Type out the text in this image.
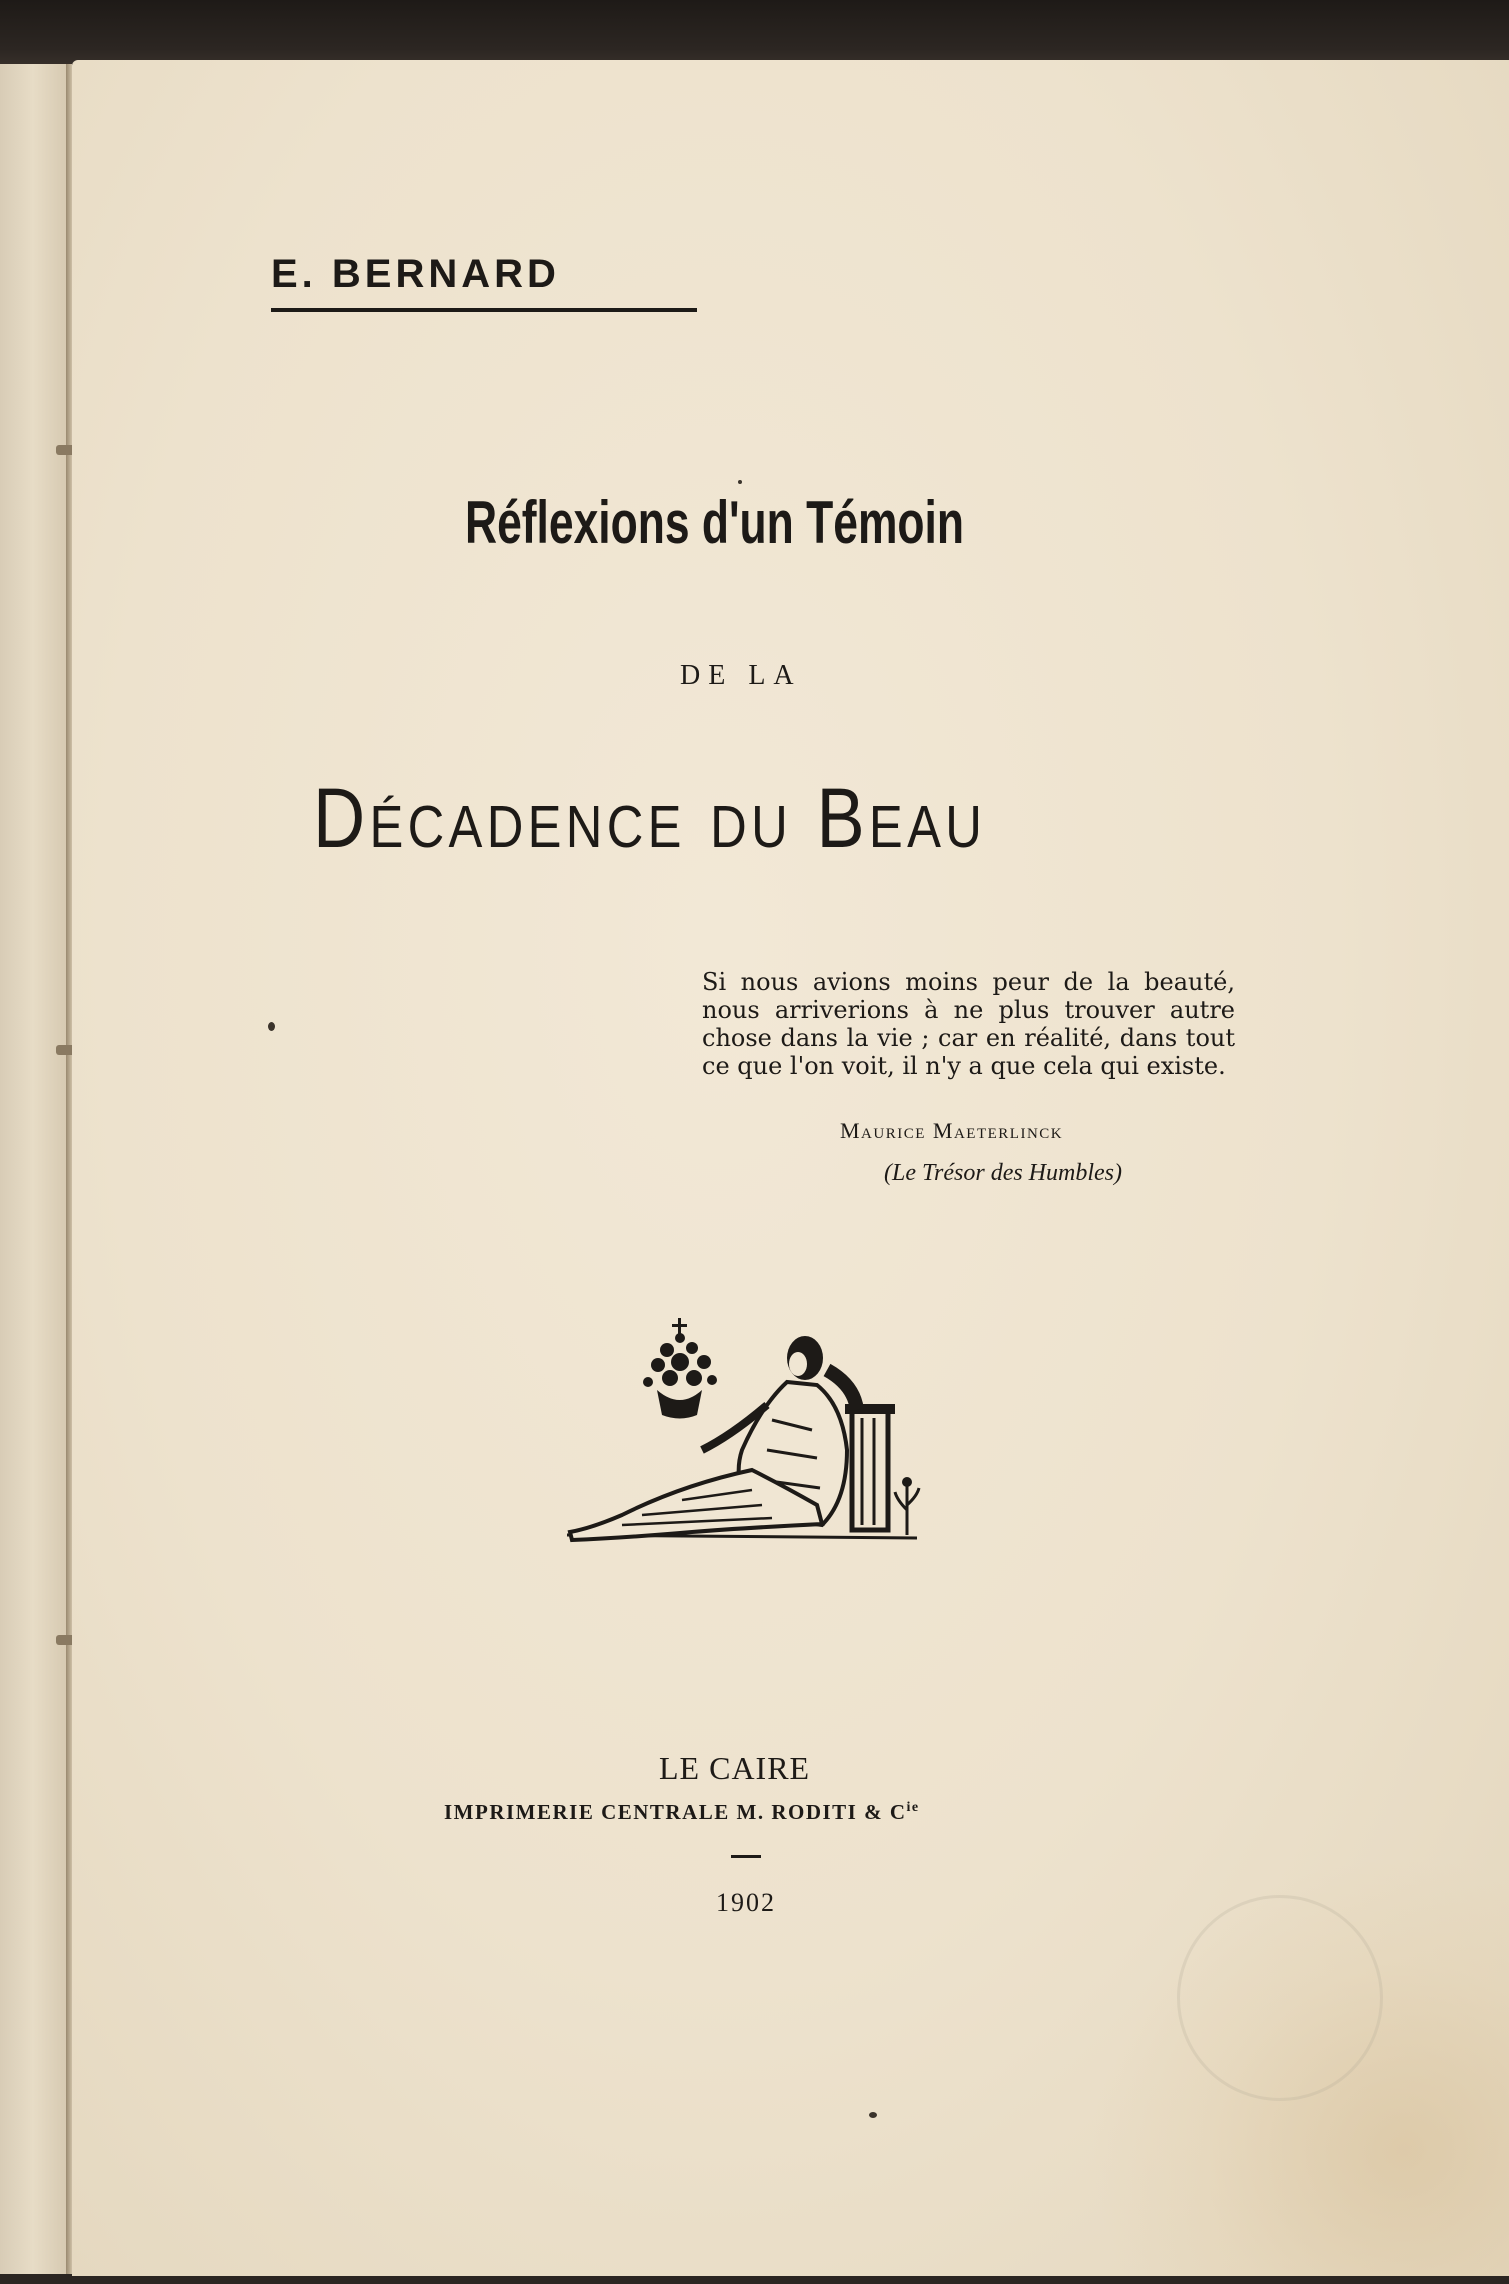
E. BERNARD
Réflexions d'un Témoin
DE LA
Décadence du Beau
Si nous avions moins peur de la beauté, nous arriverions à ne plus trouver autre chose dans la vie ; car en réalité, dans tout ce que l'on voit, il n'y a que cela qui existe.
Maurice Maeterlinck
(Le Trésor des Humbles)
LE CAIRE
IMPRIMERIE CENTRALE M. RODITI & $C^{ie}$
1902
